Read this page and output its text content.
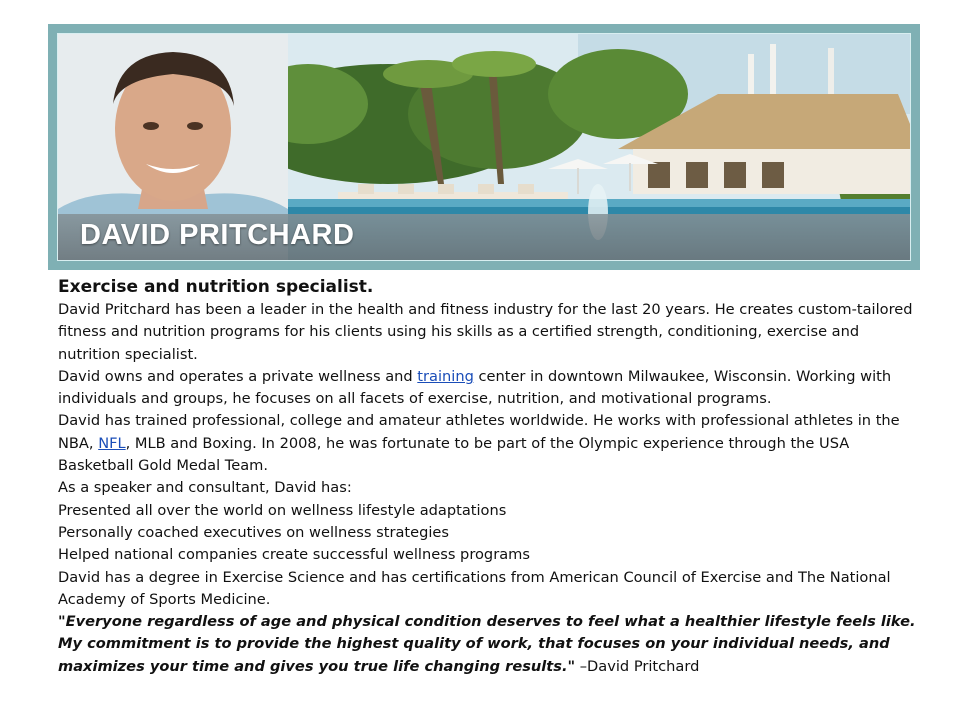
DAVID PRITCHARD

Exercise and nutrition specialist.

David Pritchard has been a leader in the health and fitness industry for the last 20 years. He creates custom-tailored fitness and nutrition programs for his clients using his skills as a certified strength, conditioning, exercise and nutrition specialist.

David owns and operates a private wellness and training center in downtown Milwaukee, Wisconsin. Working with individuals and groups, he focuses on all facets of exercise, nutrition, and motivational programs.

David has trained professional, college and amateur athletes worldwide. He works with professional athletes in the NBA, NFL, MLB and Boxing. In 2008, he was fortunate to be part of the Olympic experience through the USA Basketball Gold Medal Team.

As a speaker and consultant, David has:

Presented all over the world on wellness lifestyle adaptations

Personally coached executives on wellness strategies

Helped national companies create successful wellness programs

David has a degree in Exercise Science and has certifications from American Council of Exercise and The National Academy of Sports Medicine.

"Everyone regardless of age and physical condition deserves to feel what a healthier lifestyle feels like. My commitment is to provide the highest quality of work, that focuses on your individual needs, and maximizes your time and gives you true life changing results." –David Pritchard
